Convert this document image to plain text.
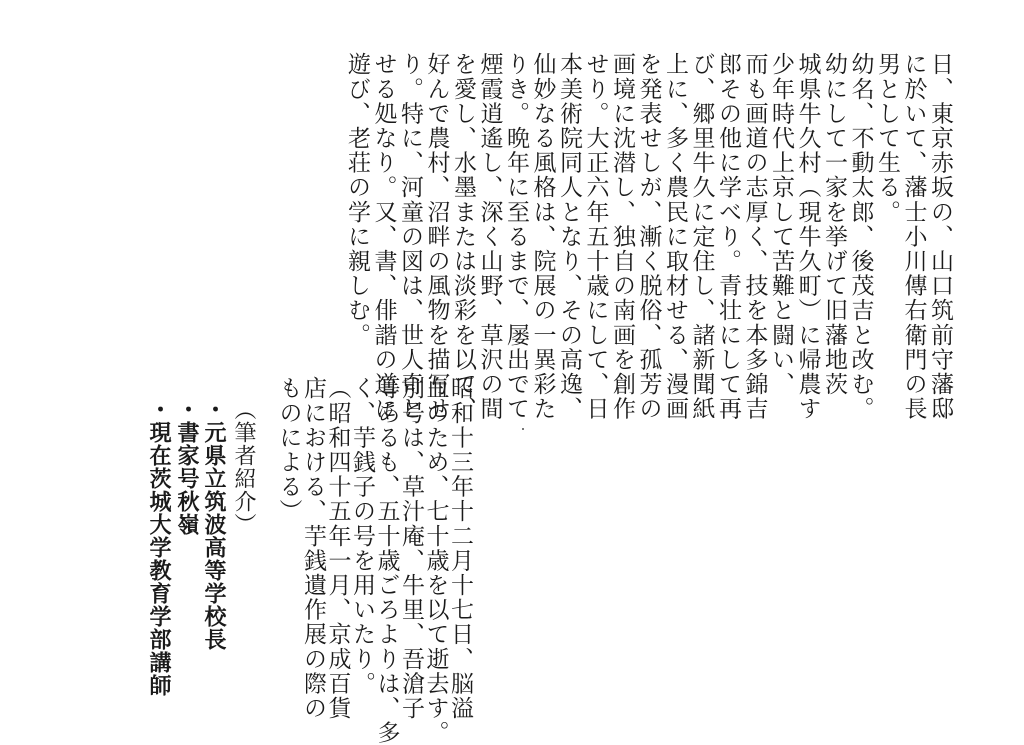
日、東京赤坂の、山口筑前守藩邸
に於いて、藩士小川傳右衛門の長
男として生る。
幼名、不動太郎、後茂吉と改む。
幼にして一家を挙げて旧藩地茨
城県牛久村（現牛久町）に帰農す
少年時代上京して苦難と闘い、
而も画道の志厚く、技を本多錦吉
郎その他に学べり。青壮にして再
び、郷里牛久に定住し、諸新聞紙
上に、多く農民に取材せる、漫画
を発表せしが、漸く脱俗、孤芳の
画境に沈潜し、独自の南画を創作
せり。大正六年五十歳にして、日
本美術院同人となり、その高逸、
仙妙なる風格は、院展の一異彩た
りき。晩年に至るまで、屡出でて
煙霞逍遙し、深く山野、草沢の間
を愛し、水墨または淡彩を以て、
好んで農村、沼畔の風物を描写せ
り。特に、河童の図は、世人奇と
せる処なり。又、書、俳諧の道に
遊び、老荘の学に親しむ。
昭和十三年十二月十七日、脳溢
血のため、七十歳を以て逝去す。
別号は、草汁庵、牛里、吾滄子
等あるも、五十歳ごろよりは、多
く、芋銭子の号を用いたり。
（昭和四十五年一月、京成百貨
店における、芋銭遺作展の際の
ものによる）
（筆者紹介）
・元県立筑波高等学校長
・書家号秋嶺
・現在茨城大学教育学部講師
